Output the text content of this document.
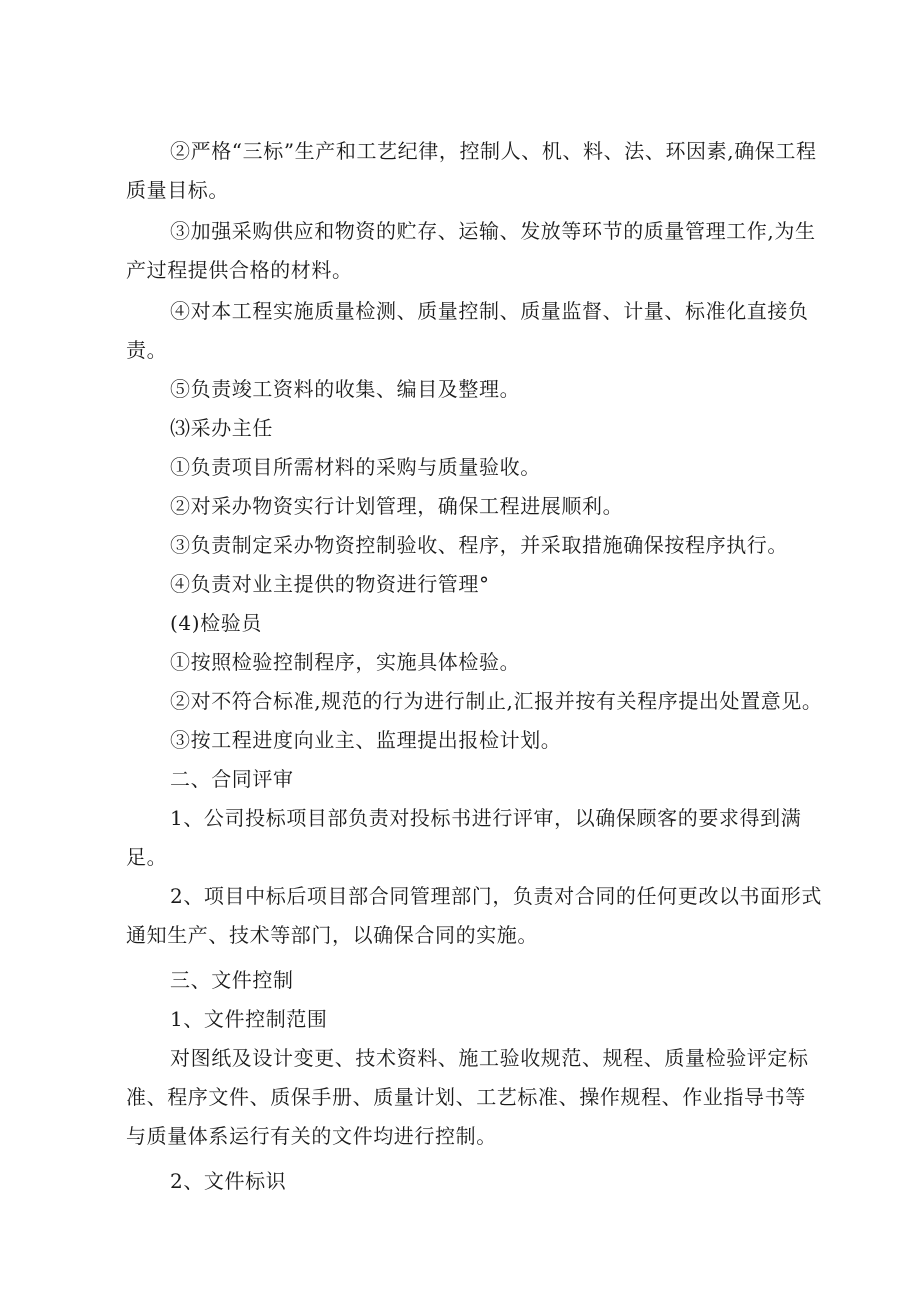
②严格“三标”生产和工艺纪律，控制人、机、料、法、环因素,确保工程质量目标。

③加强采购供应和物资的贮存、运输、发放等环节的质量管理工作,为生产过程提供合格的材料。

④对本工程实施质量检测、质量控制、质量监督、计量、标准化直接负责。

⑤负责竣工资料的收集、编目及整理。

⑶采办主任

①负责项目所需材料的采购与质量验收。

②对采办物资实行计划管理，确保工程进展顺利。

③负责制定采办物资控制验收、程序，并采取措施确保按程序执行。

④负责对业主提供的物资进行管理°

(4)检验员

①按照检验控制程序，实施具体检验。

②对不符合标准,规范的行为进行制止,汇报并按有关程序提出处置意见。

③按工程进度向业主、监理提出报检计划。

二、合同评审

1、公司投标项目部负责对投标书进行评审，以确保顾客的要求得到满足。

2、项目中标后项目部合同管理部门，负责对合同的任何更改以书面形式通知生产、技术等部门，以确保合同的实施。

三、文件控制

1、文件控制范围

对图纸及设计变更、技术资料、施工验收规范、规程、质量检验评定标准、程序文件、质保手册、质量计划、工艺标准、操作规程、作业指导书等与质量体系运行有关的文件均进行控制。

2、文件标识
